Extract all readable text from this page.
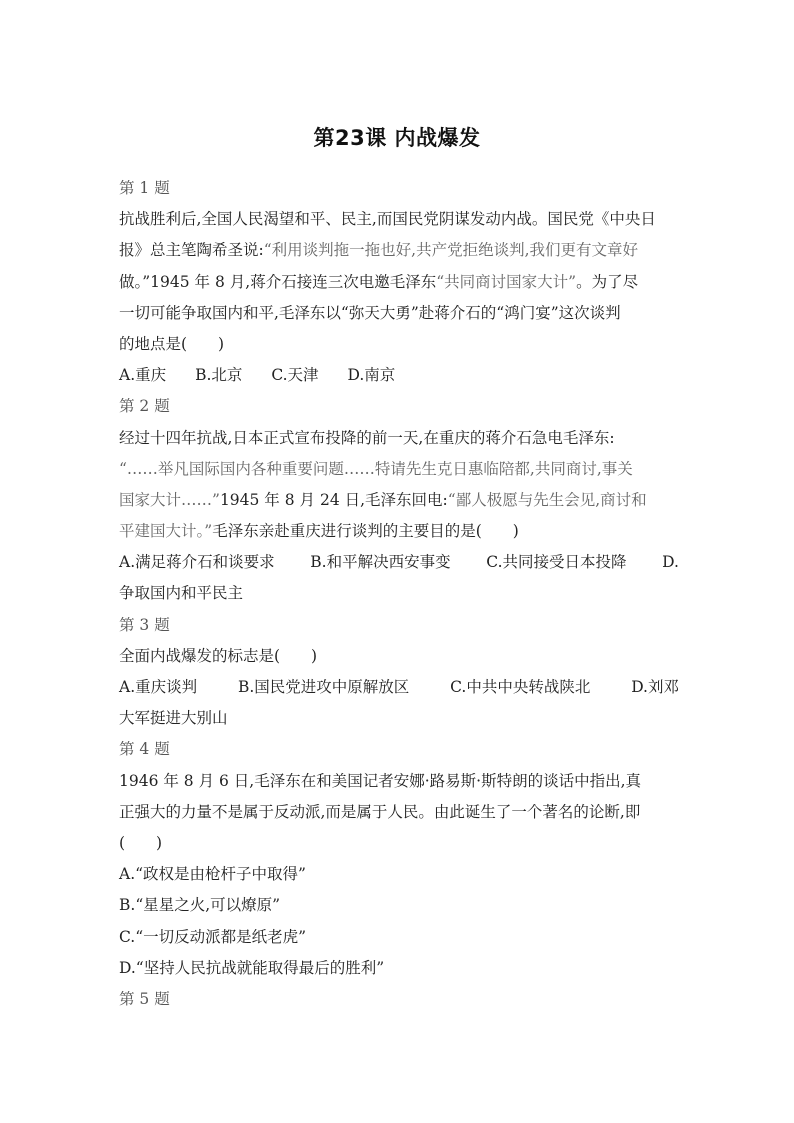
第23课 内战爆发
第 1 题
抗战胜利后,全国人民渴望和平、民主,而国民党阴谋发动内战。国民党《中央日
报》总主笔陶希圣说:“利用谈判拖一拖也好,共产党拒绝谈判,我们更有文章好
做。”1945 年 8 月,蒋介石接连三次电邀毛泽东“共同商讨国家大计”。为了尽
一切可能争取国内和平,毛泽东以“弥天大勇”赴蒋介石的“鸿门宴”这次谈判
的地点是(　　)
A.重庆 B.北京 C.天津 D.南京
第 2 题
经过十四年抗战,日本正式宣布投降的前一天,在重庆的蒋介石急电毛泽东:
“……举凡国际国内各种重要问题……特请先生克日惠临陪都,共同商讨,事关
国家大计……”1945 年 8 月 24 日,毛泽东回电:“鄙人极愿与先生会见,商讨和
平建国大计。”毛泽东亲赴重庆进行谈判的主要目的是(　　)
A.满足蒋介石和谈要求 B.和平解决西安事变 C.共同接受日本投降 D.
争取国内和平民主
第 3 题
全面内战爆发的标志是(　　)
A.重庆谈判	B.国民党进攻中原解放区	C.中共中央转战陕北	D.刘邓
大军挺进大别山
第 4 题
1946 年 8 月 6 日,毛泽东在和美国记者安娜·路易斯·斯特朗的谈话中指出,真
正强大的力量不是属于反动派,而是属于人民。由此诞生了一个著名的论断,即
(　　)
A.“政权是由枪杆子中取得”
B.“星星之火,可以燎原”
C.“一切反动派都是纸老虎”
D.“坚持人民抗战就能取得最后的胜利”
第 5 题
